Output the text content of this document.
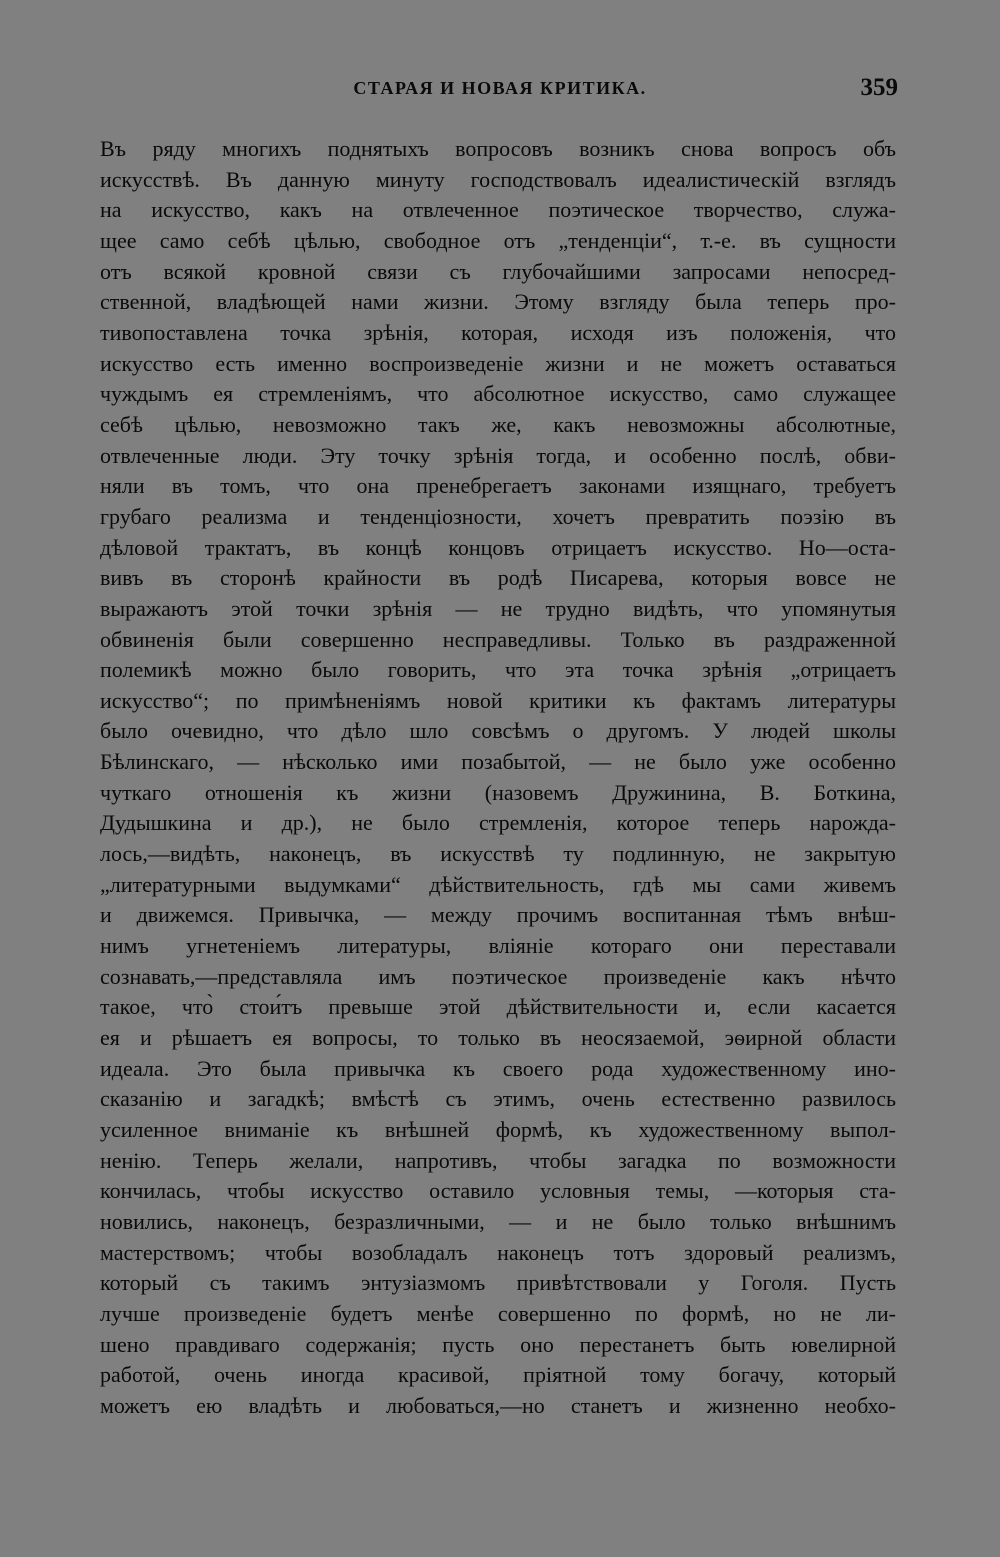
СТАРАЯ И НОВАЯ КРИТИКА.	359
Въ ряду многихъ поднятыхъ вопросовъ возникъ снова вопросъ объ
искусствѣ. Въ данную минуту господствовалъ идеалистическій взглядъ
на искусство, какъ на отвлеченное поэтическое творчество, служа-
щее само себѣ цѣлью, свободное отъ „тенденціи“, т.-е. въ сущности
отъ всякой кровной связи съ глубочайшими запросами непосред-
ственной, владѣющей нами жизни. Этому взгляду была теперь про-
тивопоставлена точка зрѣнія, которая, исходя изъ положенія, что
искусство есть именно воспроизведеніе жизни и не можетъ оставаться
чуждымъ ея стремленіямъ, что абсолютное искусство, само служащее
себѣ цѣлью, невозможно такъ же, какъ невозможны абсолютные,
отвлеченные люди. Эту точку зрѣнія тогда, и особенно послѣ, обви-
няли въ томъ, что она пренебрегаетъ законами изящнаго, требуетъ
грубаго реализма и тенденціозности, хочетъ превратить поэзію въ
дѣловой трактатъ, въ концѣ концовъ отрицаетъ искусство. Но—оста-
вивъ въ сторонѣ крайности въ родѣ Писарева, которыя вовсе не
выражаютъ этой точки зрѣнія — не трудно видѣть, что упомянутыя
обвиненія были совершенно несправедливы. Только въ раздраженной
полемикѣ можно было говорить, что эта точка зрѣнія „отрицаетъ
искусство“; по примѣненіямъ новой критики къ фактамъ литературы
было очевидно, что дѣло шло совсѣмъ о другомъ. У людей школы
Бѣлинскаго, — нѣсколько ими позабытой, — не было уже особенно
чуткаго отношенія къ жизни (назовемъ Дружинина, В. Боткина,
Дудышкина и др.), не было стремленія, которое теперь нарожда-
лось,—видѣть, наконецъ, въ искусствѣ ту подлинную, не закрытую
„литературными выдумками“ дѣйствительность, гдѣ мы сами живемъ
и движемся. Привычка, — между прочимъ воспитанная тѣмъ внѣш-
нимъ угнетеніемъ литературы, вліяніе котораго они переставали
сознавать,—представляла имъ поэтическое произведеніе какъ нѣчто
такое, что̀ стои́тъ превыше этой дѣйствительности и, если касается
ея и рѣшаетъ ея вопросы, то только въ неосязаемой, эѳирной области
идеала. Это была привычка къ своего рода художественному ино-
сказанію и загадкѣ; вмѣстѣ съ этимъ, очень естественно развилось
усиленное вниманіе къ внѣшней формѣ, къ художественному выпол-
ненію. Теперь желали, напротивъ, чтобы загадка по возможности
кончилась, чтобы искусство оставило условныя темы, —которыя ста-
новились, наконецъ, безразличными, — и не было только внѣшнимъ
мастерствомъ; чтобы возобладалъ наконецъ тотъ здоровый реализмъ,
который съ такимъ энтузіазмомъ привѣтствовали у Гоголя. Пусть
лучше произведеніе будетъ менѣе совершенно по формѣ, но не ли-
шено правдиваго содержанія; пусть оно перестанетъ быть ювелирной
работой, очень иногда красивой, пріятной тому богачу, который
можетъ ею владѣть и любоваться,—но станетъ и жизненно необхо-
